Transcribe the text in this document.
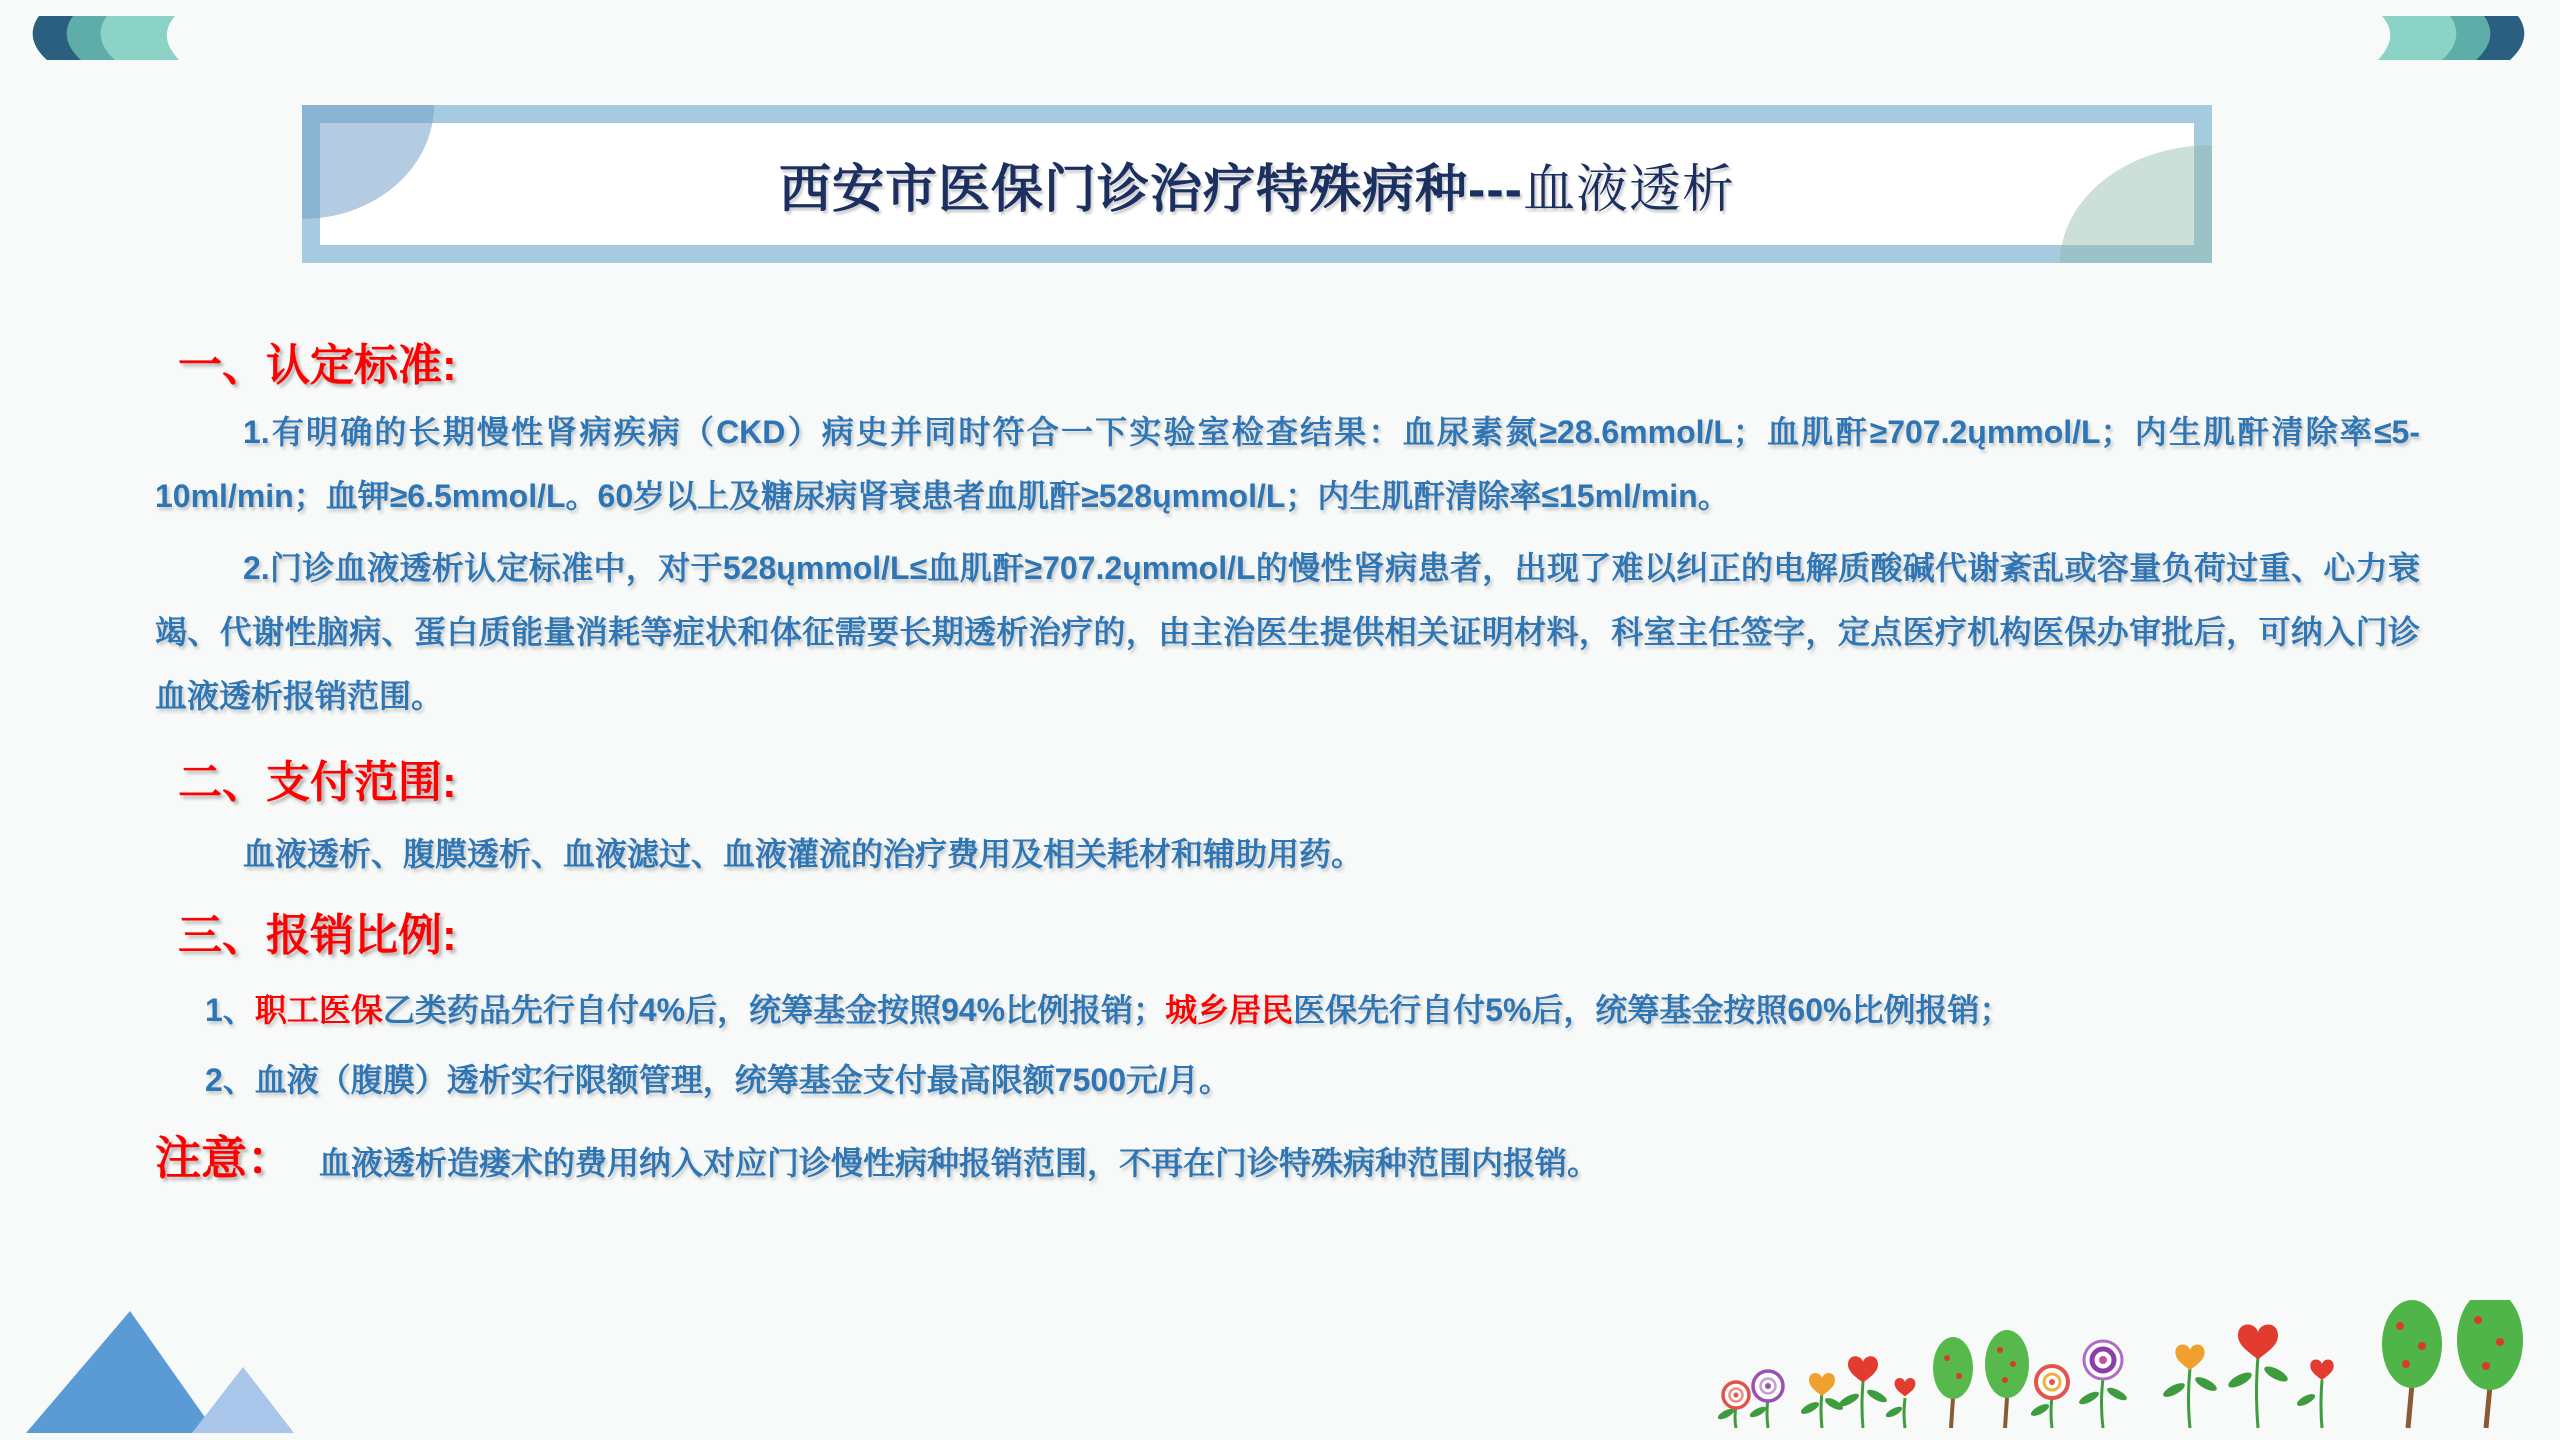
西安市医保门诊治疗特殊病种--- 血液透析
一、认定标准:

1.有明确的长期慢性肾病疾病（CKD）病史并同时符合一下实验室检查结果：血尿素氮≥28.6mmol/L；血肌酐≥707.2ųmmol/L；内生肌酐清除率≤5-10ml/min；血钾≥6.5mmol/L。60岁以上及糖尿病肾衰患者血肌酐≥528ųmmol/L；内生肌酐清除率≤15ml/min。

2.门诊血液透析认定标准中，对于528ųmmol/L≤血肌酐≥707.2ųmmol/L的慢性肾病患者，出现了难以纠正的电解质酸碱代谢紊乱或容量负荷过重、心力衰竭、代谢性脑病、蛋白质能量消耗等症状和体征需要长期透析治疗的，由主治医生提供相关证明材料，科室主任签字，定点医疗机构医保办审批后，可纳入门诊血液透析报销范围。

二、支付范围:

血液透析、腹膜透析、血液滤过、血液灌流的治疗费用及相关耗材和辅助用药。

三、报销比例:

1、职工医保乙类药品先行自付4%后，统筹基金按照94%比例报销；城乡居民医保先行自付5%后，统筹基金按照60%比例报销；

2、血液（腹膜）透析实行限额管理，统筹基金支付最高限额7500元/月。

注意： 血液透析造瘘术的费用纳入对应门诊慢性病种报销范围，不再在门诊特殊病种范围内报销。
